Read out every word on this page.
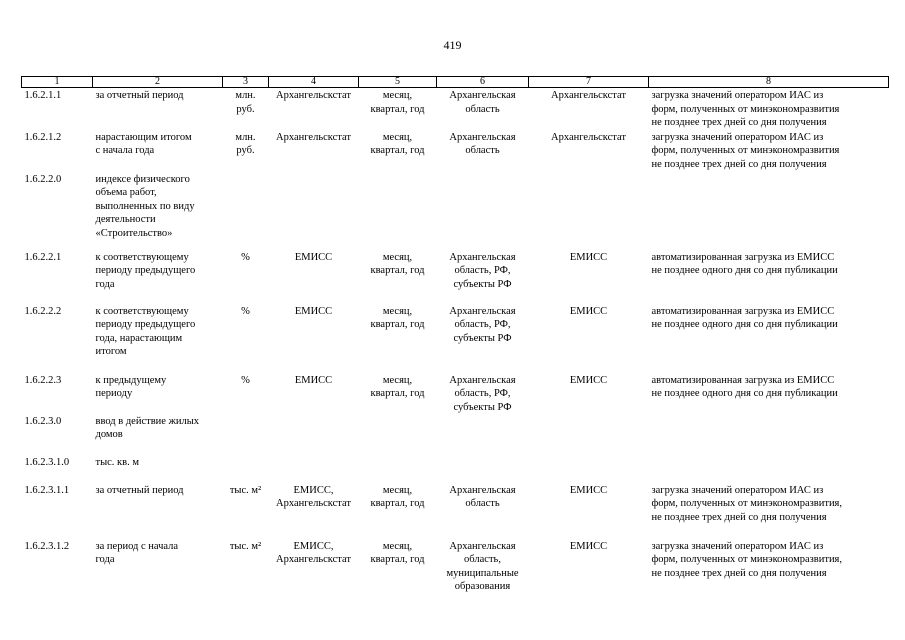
419
1	2	3	4	5	6	7	8
1.6.2.1.1	за отчетный период	млн. руб.	Архангельскстат	месяц,
квартал, год	Архангельская
область	Архангельскстат	загрузка значений оператором ИАС из
форм, полученных от минэкономразвития
не позднее трех дней со дня получения
1.6.2.1.2	нарастающим итогом
с начала года	млн. руб.	Архангельскстат	месяц,
квартал, год	Архангельская
область	Архангельскстат	загрузка значений оператором ИАС из
форм, полученных от минэкономразвития
не позднее трех дней со дня получения
1.6.2.2.0	индексе физического
объема работ,
выполненных по виду
деятельности
«Строительство»						
1.6.2.2.1	к соответствующему
периоду предыдущего
года	%	ЕМИСС	месяц,
квартал, год	Архангельская
область, РФ,
субъекты РФ	ЕМИСС	автоматизированная загрузка из ЕМИСС
не позднее одного дня со дня публикации
1.6.2.2.2	к соответствующему
периоду предыдущего
года, нарастающим
итогом	%	ЕМИСС	месяц,
квартал, год	Архангельская
область, РФ,
субъекты РФ	ЕМИСС	автоматизированная загрузка из ЕМИСС
не позднее одного дня со дня публикации
1.6.2.2.3	к предыдущему
периоду	%	ЕМИСС	месяц,
квартал, год	Архангельская
область, РФ,
субъекты РФ	ЕМИСС	автоматизированная загрузка из ЕМИСС
не позднее одного дня со дня публикации
1.6.2.3.0	ввод в действие жилых
домов						
1.6.2.3.1.0	тыс. кв. м						
1.6.2.3.1.1	за отчетный период	тыс. м²	ЕМИСС,
Архангельскстат	месяц,
квартал, год	Архангельская
область	ЕМИСС	загрузка значений оператором ИАС из
форм, полученных от минэкономразвития,
не позднее трех дней со дня получения
1.6.2.3.1.2	за период с начала
года	тыс. м²	ЕМИСС,
Архангельскстат	месяц,
квартал, год	Архангельская
область,
муниципальные
образования	ЕМИСС	загрузка значений оператором ИАС из
форм, полученных от минэкономразвития,
не позднее трех дней со дня получения
